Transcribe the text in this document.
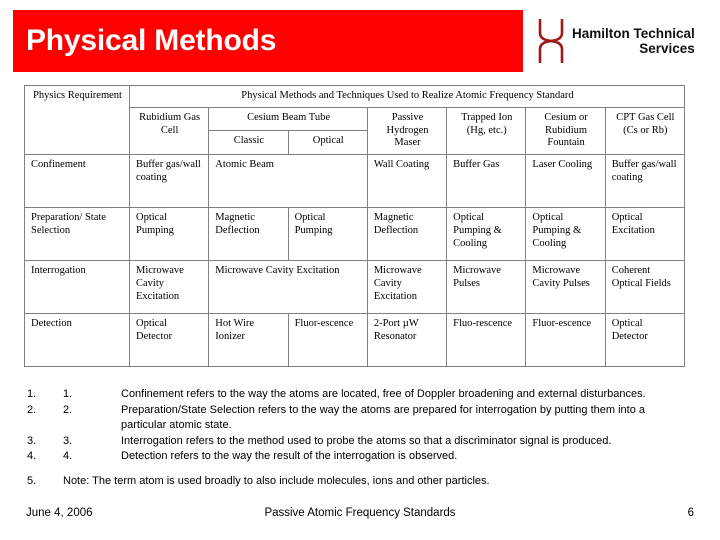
Physical Methods	Hamilton Technical
Services
Physics Requirement	Physical Methods and Techniques Used to Realize Atomic Frequency Standard						
	Rubidium Gas Cell	Cesium Beam Tube		Passive Hydrogen Maser	Trapped Ion (Hg, etc.)	Cesium or Rubidium Fountain	CPT Gas Cell (Cs or Rb)
		Classic	Optical				
Confinement	Buffer gas/wall coating	Atomic Beam		Wall Coating	Buffer Gas	Laser Cooling	Buffer gas/wall coating
Preparation/ State Selection	Optical Pumping	Magnetic Deflection	Optical Pumping	Magnetic Deflection	Optical Pumping & Cooling	Optical Pumping & Cooling	Optical Excitation
Interrogation	Microwave Cavity Excitation	Microwave Cavity Excitation		Microwave Cavity Excitation	Microwave Pulses	Microwave Cavity Pulses	Coherent Optical Fields
Detection	Optical Detector	Hot Wire Ionizer	Fluor-escence	2-Port µW Resonator	Fluo-rescence	Fluor-escence	Optical Detector
1.	1.	Confinement refers to the way the atoms are located, free of Doppler broadening and external disturbances.
2.	2.	Preparation/State Selection refers to the way the atoms are prepared for interrogation by putting them into a
particular atomic state.
3.	3.	Interrogation refers to the method used to probe the atoms so that a discriminator signal is produced.
4.	4.	Detection refers to the way the result of the interrogation is observed.
5.	Note: The term atom is used broadly to also include molecules, ions and other particles.
June 4, 2006	Passive Atomic Frequency Standards	6
